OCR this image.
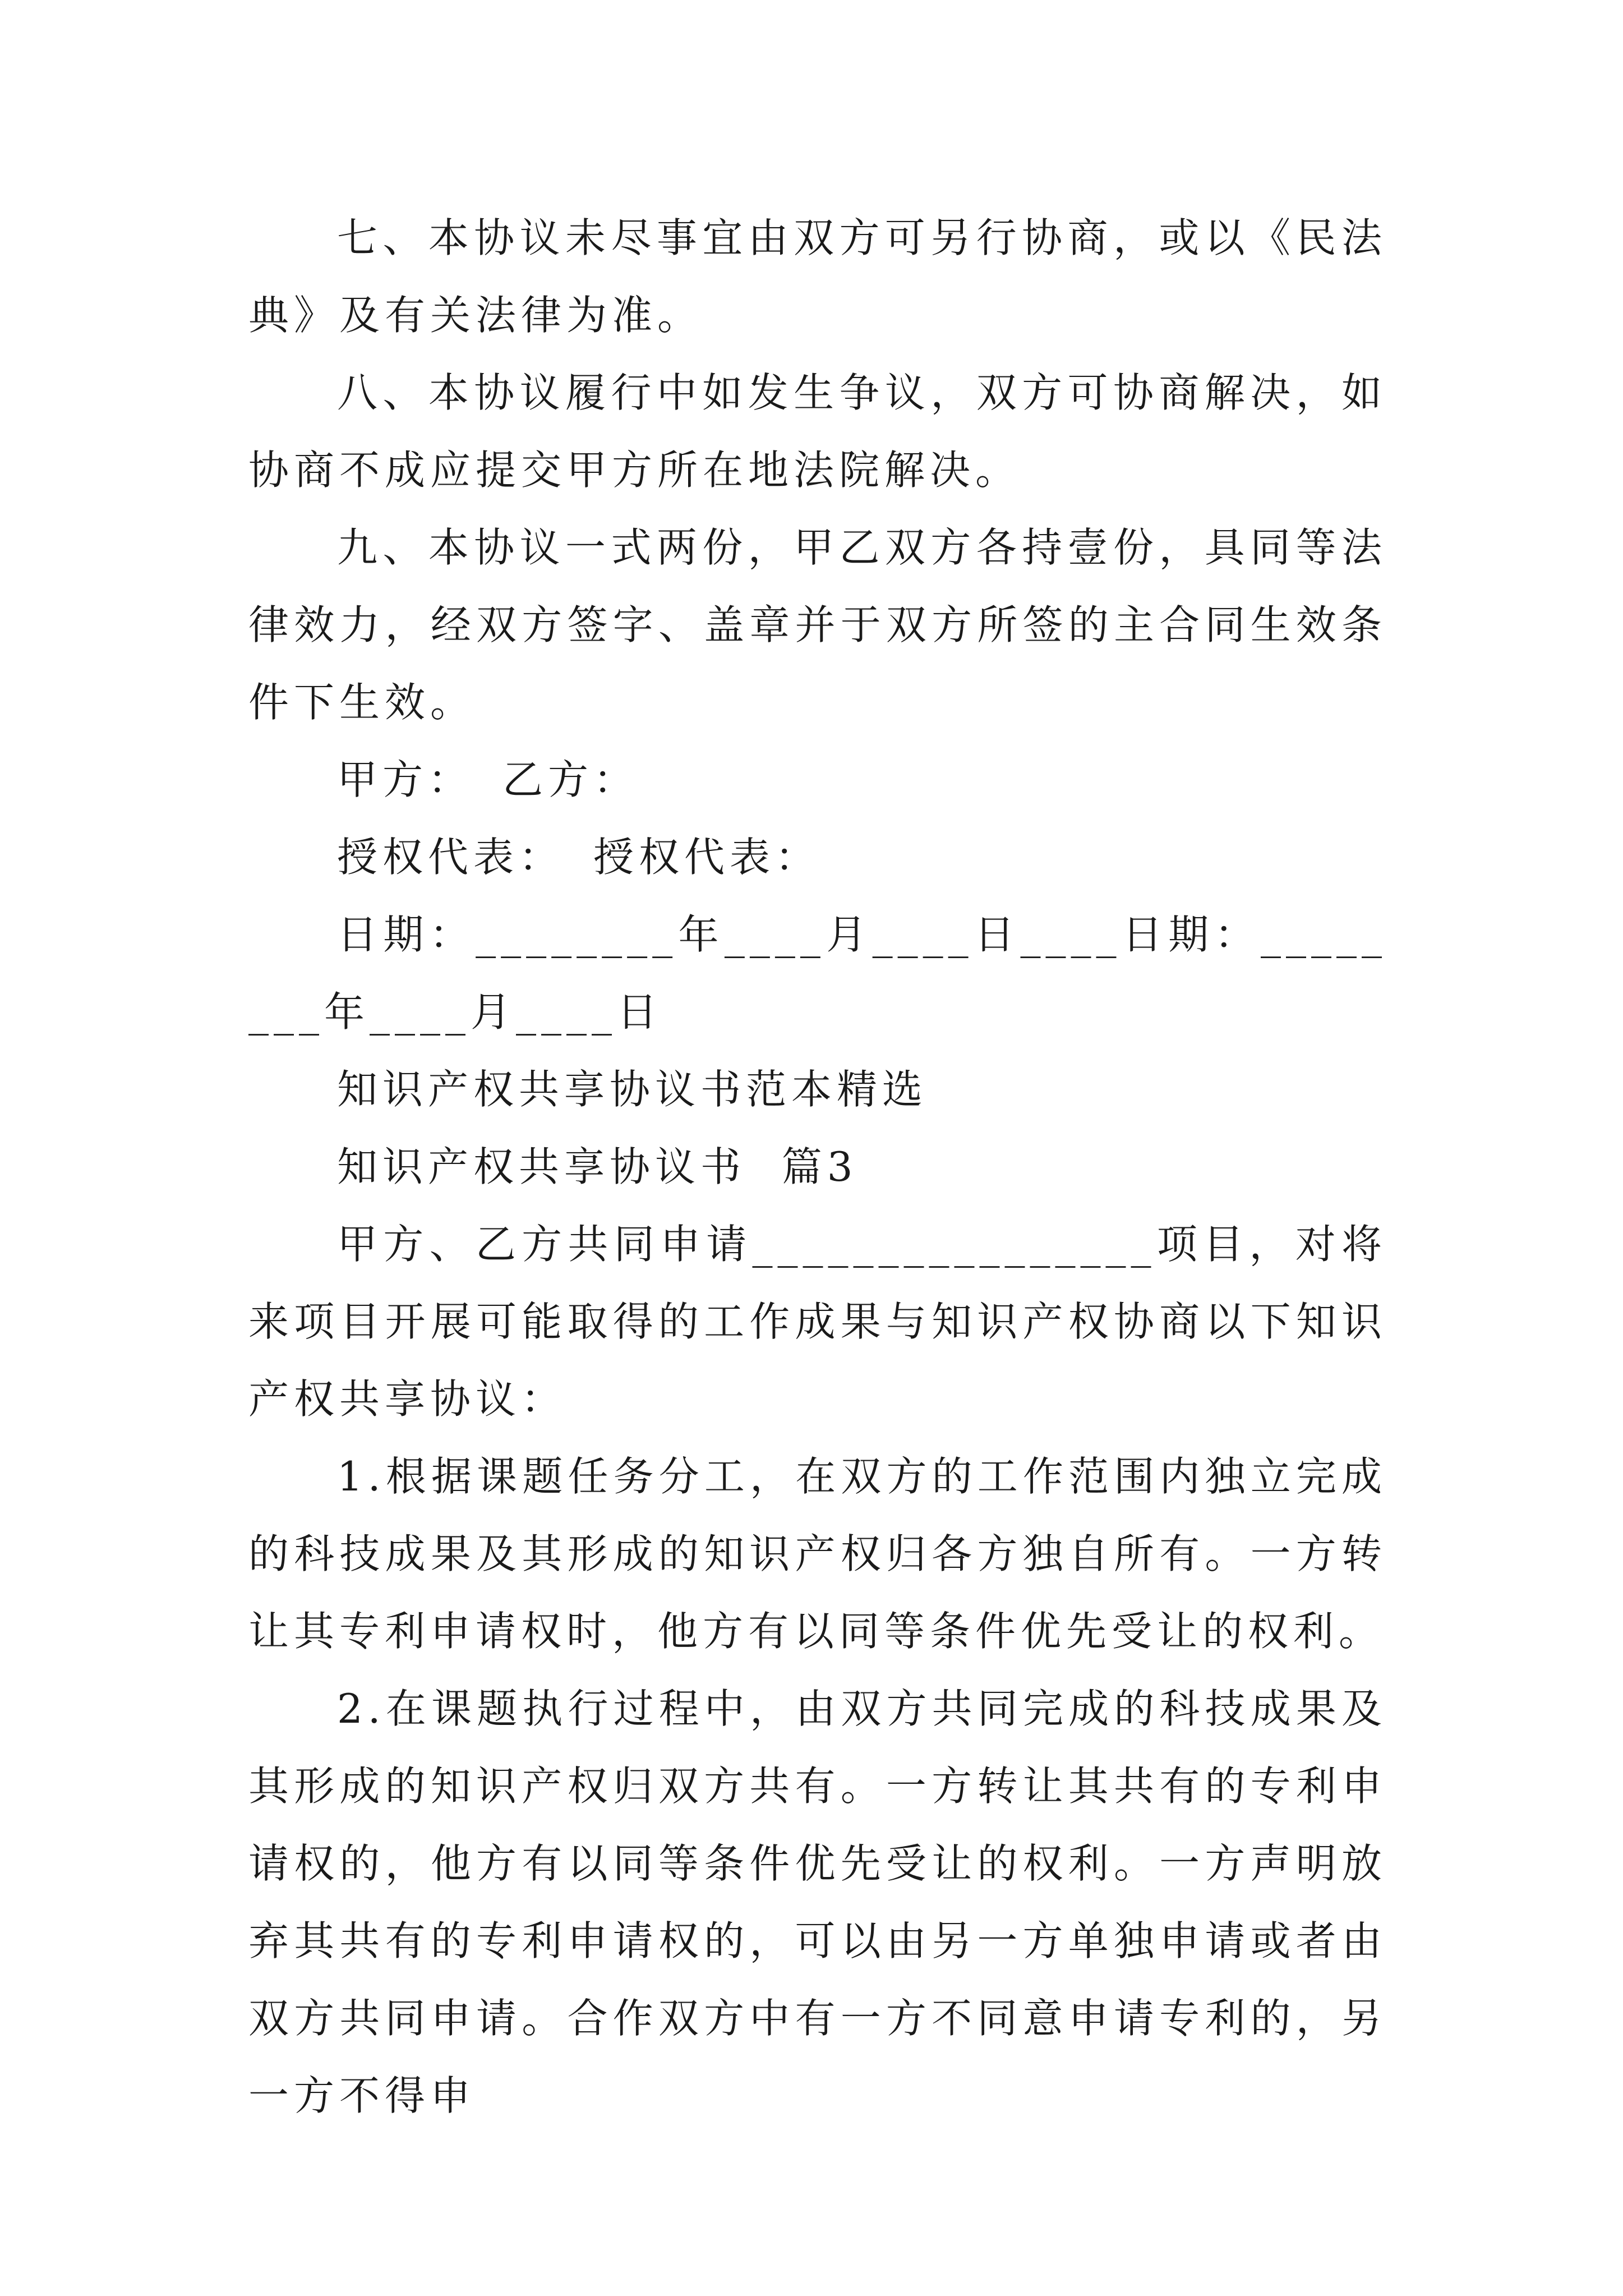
七、本协议未尽事宜由双方可另行协商，或以《民法典》及有关法律为准。

八、本协议履行中如发生争议，双方可协商解决，如协商不成应提交甲方所在地法院解决。

九、本协议一式两份，甲乙双方各持壹份，具同等法律效力，经双方签字、盖章并于双方所签的主合同生效条件下生效。

甲方： 乙方：

授权代表： 授权代表：

日期：________年____月____日____日期：________年____月____日

知识产权共享协议书范本精选

知识产权共享协议书  篇3

甲方、乙方共同申请________________项目，对将来项目开展可能取得的工作成果与知识产权协商以下知识产权共享协议：

1.根据课题任务分工，在双方的工作范围内独立完成的科技成果及其形成的知识产权归各方独自所有。一方转让其专利申请权时，他方有以同等条件优先受让的权利。

2.在课题执行过程中，由双方共同完成的科技成果及其形成的知识产权归双方共有。一方转让其共有的专利申请权的，他方有以同等条件优先受让的权利。一方声明放弃其共有的专利申请权的，可以由另一方单独申请或者由双方共同申请。合作双方中有一方不同意申请专利的，另一方不得申
